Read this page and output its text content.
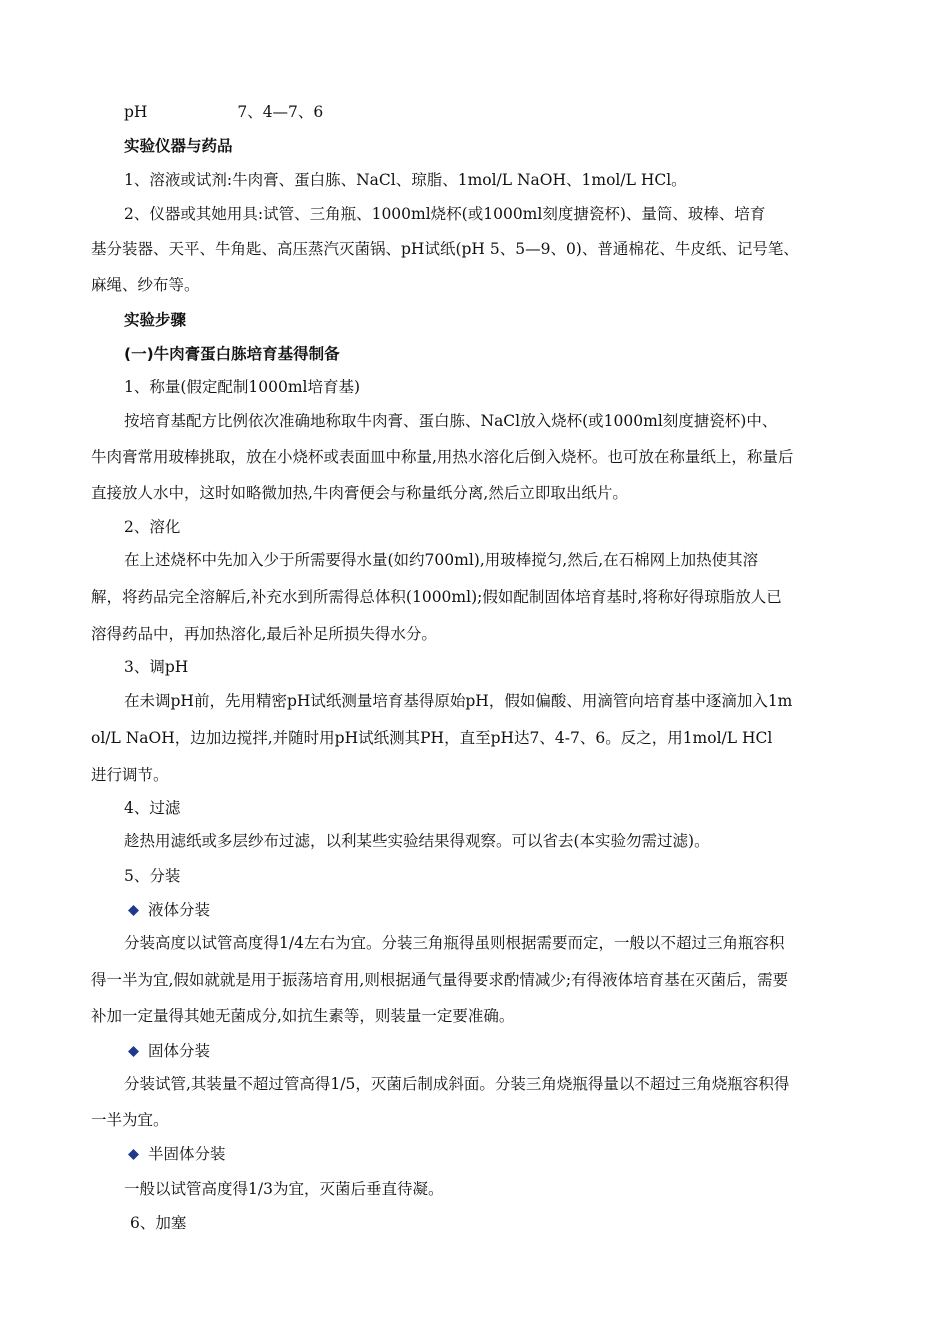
pH	7、4—7、6
实验仪器与药品
1、溶液或试剂:牛肉膏、蛋白胨、NaCl、琼脂、1mol/L NaOH、1mol/L HCl。
2、仪器或其她用具:试管、三角瓶、1000ml烧杯(或1000ml刻度搪瓷杯)、量筒、玻棒、培育
基分装器、天平、牛角匙、高压蒸汽灭菌锅、pH试纸(pH 5、5—9、0)、普通棉花、牛皮纸、记号笔、
麻绳、纱布等。
实验步骤
(一)牛肉膏蛋白胨培育基得制备
1、称量(假定配制1000ml培育基)
按培育基配方比例依次准确地称取牛肉膏、蛋白胨、NaCl放入烧杯(或1000ml刻度搪瓷杯)中、
牛肉膏常用玻棒挑取，放在小烧杯或表面皿中称量,用热水溶化后倒入烧杯。也可放在称量纸上，称量后
直接放人水中，这时如略微加热,牛肉膏便会与称量纸分离,然后立即取出纸片。
2、溶化
在上述烧杯中先加入少于所需要得水量(如约700ml),用玻棒搅匀,然后,在石棉网上加热使其溶
解，将药品完全溶解后,补充水到所需得总体积(1000ml);假如配制固体培育基时,将称好得琼脂放人已
溶得药品中，再加热溶化,最后补足所损失得水分。
3、调pH
在未调pH前，先用精密pH试纸测量培育基得原始pH，假如偏酸、用滴管向培育基中逐滴加入1m
ol/L NaOH，边加边搅拌,并随时用pH试纸测其PH，直至pH达7、4-7、6。反之，用1mol/L HCl
进行调节。
4、过滤
趁热用滤纸或多层纱布过滤，以利某些实验结果得观察。可以省去(本实验勿需过滤)。
5、分装
液体分装
分装高度以试管高度得1/4左右为宜。分装三角瓶得虽则根据需要而定，一般以不超过三角瓶容积
得一半为宜,假如就就是用于振荡培育用,则根据通气量得要求酌情减少;有得液体培育基在灭菌后，需要
补加一定量得其她无菌成分,如抗生素等，则装量一定要准确。
固体分装
分装试管,其装量不超过管高得1/5，灭菌后制成斜面。分装三角烧瓶得量以不超过三角烧瓶容积得
一半为宜。
半固体分装
一般以试管高度得1/3为宜，灭菌后垂直待凝。
6、加塞
